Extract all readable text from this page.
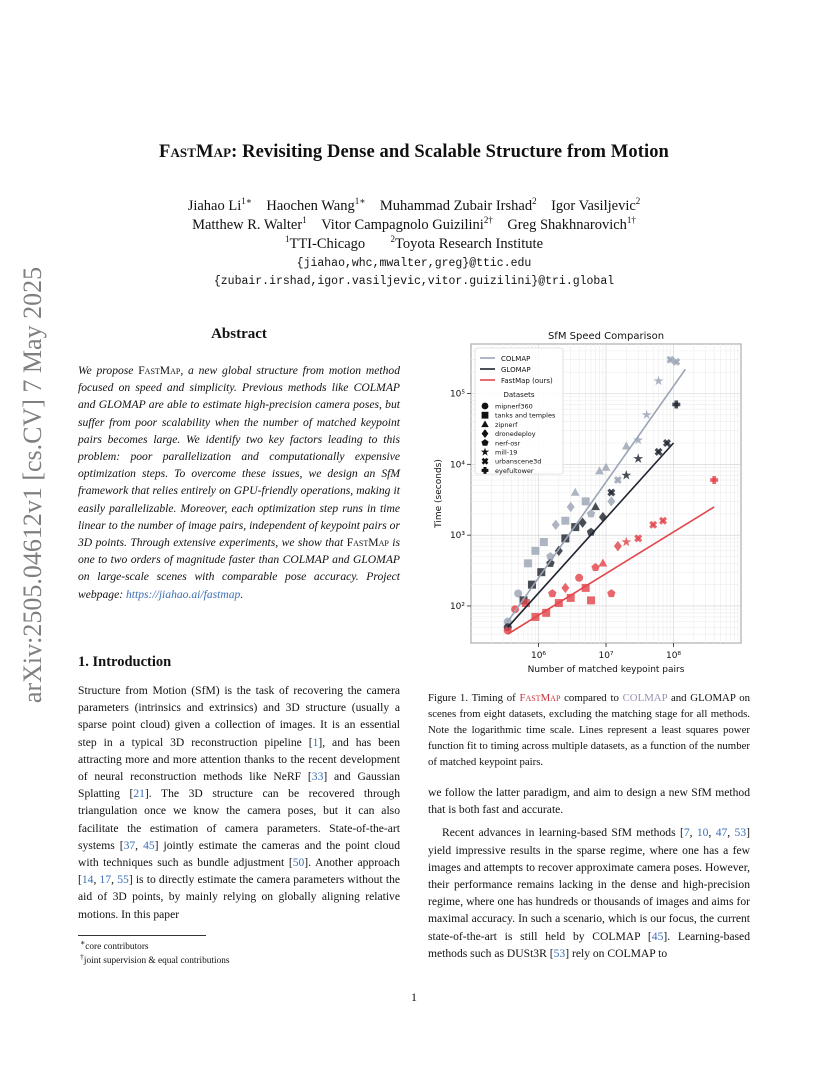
FastMap: Revisiting Dense and Scalable Structure from Motion
Jiahao $Li^{1∗}$  Haochen Wang$^{1∗}$  Muhammad Zubair Irshad$^2$  Igor Vasiljevic$^2$
Matthew R. Walter$^1$  Vitor Campagnolo Guizilini$^{2\dagger}$  Greg Shakhnarovich$^{1\dagger}$
$^1$TTI-Chicago	$^2$Toyota Research Institute
{jiahao,whc,mwalter,greg}@ttic.edu
{zubair.irshad,igor.vasiljevic,vitor.guizilini}@tri.global
arXiv:2505.04612v1 [cs.CV] 7 May 2025	Abstract

We propose FastMap, a new global structure from motion method focused on speed and simplicity. Previous methods like COLMAP and GLOMAP are able to estimate high-precision camera poses, but suffer from poor scalability when the number of matched keypoint pairs becomes large. We identify two key factors leading to this problem: poor parallelization and computationally expensive optimization steps. To overcome these issues, we design an SfM framework that relies entirely on GPU-friendly operations, making it easily parallelizable. Moreover, each optimization step runs in time linear to the number of image pairs, independent of keypoint pairs or 3D points. Through extensive experiments, we show that FastMap is one to two orders of magnitude faster than COLMAP and GLOMAP on large-scale scenes with comparable pose accuracy. Project webpage: https://jiahao.ai/fastmap.

1. Introduction

Structure from Motion (SfM) is the task of recovering the camera parameters (intrinsics and extrinsics) and 3D structure (usually a sparse point cloud) given a collection of images. It is an essential step in a typical 3D reconstruction pipeline [1], and has been attracting more and more attention thanks to the recent development of neural reconstruction methods like NeRF [33] and Gaussian Splatting [21]. The 3D structure can be recovered through triangulation once we know the camera poses, but it can also facilitate the estimation of camera parameters. State-of-the-art systems [37, 45] jointly estimate the cameras and the point cloud with techniques such as bundle adjustment [50]. Another approach [14, 17, 55] is to directly estimate the camera parameters without the aid of 3D points, by mainly relying on globally aligning relative motions. In this paper

∗core contributors
†joint supervision & equal contributions
10⁶	10⁷	10⁸
10²
10³
10⁴
10⁵
SfM Speed Comparison
Number of matched keypoint pairs
Time (seconds)
COLMAP
GLOMAP
FastMap (ours)
Datasets
mipnerf360
tanks and temples
zipnerf
dronedeploy
nerf-osr
mill-19
urbanscene3d
eyefultower
Figure 1. Timing of FastMap compared to COLMAP and GLOMAP on scenes from eight datasets, excluding the matching stage for all methods. Note the logarithmic time scale. Lines represent a least squares power function fit to timing across multiple datasets, as a function of the number of matched keypoint pairs.

we follow the latter paradigm, and aim to design a new SfM method that is both fast and accurate.

Recent advances in learning-based SfM methods [7, 10, 47, 53] yield impressive results in the sparse regime, where one has a few images and attempts to recover approximate camera poses. However, their performance remains lacking in the dense and high-precision regime, where one has hundreds or thousands of images and aims for maximal accuracy. In such a scenario, which is our focus, the current state-of-the-art is still held by COLMAP [45]. Learning-based methods such as DUSt3R [53] rely on COLMAP to

1
